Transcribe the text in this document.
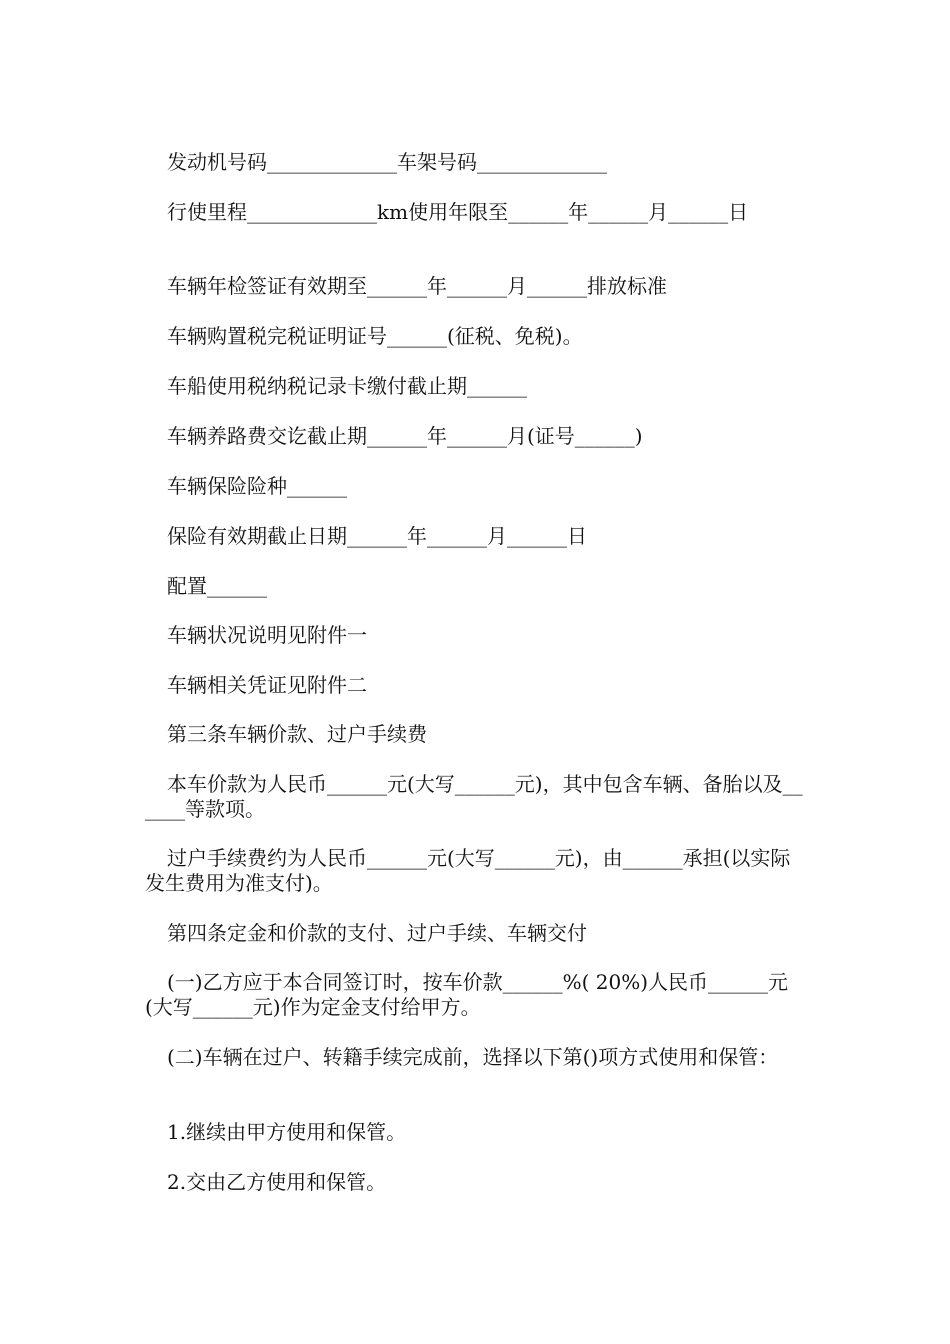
发动机号码_____________车架号码_____________

行使里程_____________km使用年限至______年______月______日

车辆年检签证有效期至______年______月______排放标准

车辆购置税完税证明证号______(征税、免税)。

车船使用税纳税记录卡缴付截止期______

车辆养路费交讫截止期______年______月(证号______)

车辆保险险种______

保险有效期截止日期______年______月______日

配置______

车辆状况说明见附件一

车辆相关凭证见附件二

第三条车辆价款、过户手续费

本车价款为人民币______元(大写______元)，其中包含车辆、备胎以及______等款项。

过户手续费约为人民币______元(大写______元)，由______承担(以实际发生费用为准支付)。

第四条定金和价款的支付、过户手续、车辆交付

(一)乙方应于本合同签订时，按车价款______%( 20%)人民币______元(大写______元)作为定金支付给甲方。

(二)车辆在过户、转籍手续完成前，选择以下第()项方式使用和保管：

1.继续由甲方使用和保管。

2.交由乙方使用和保管。
